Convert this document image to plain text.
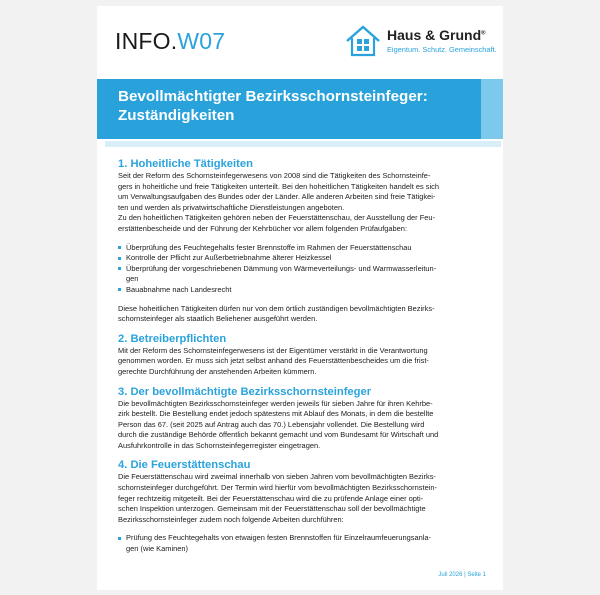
INFO.W07	Haus & Grund®
Eigentum. Schutz. Gemeinschaft.
Bevollmächtigter Bezirksschornsteinfeger:
Zuständigkeiten
1. Hoheitliche Tätigkeiten
Seit der Reform des Schornsteinfegerwesens von 2008 sind die Tätigkeiten des Schornsteinfe-
gers in hoheitliche und freie Tätigkeiten unterteilt. Bei den hoheitlichen Tätigkeiten handelt es sich
um Verwaltungsaufgaben des Bundes oder der Länder. Alle anderen Arbeiten sind freie Tätigkei-
ten und werden als privatwirtschaftliche Dienstleistungen angeboten.
Zu den hoheitlichen Tätigkeiten gehören neben der Feuerstättenschau, der Ausstellung der Feu-
erstättenbescheide und der Führung der Kehrbücher vor allem folgenden Prüfaufgaben:
Überprüfung des Feuchtegehalts fester Brennstoffe im Rahmen der Feuerstättenschau
Kontrolle der Pflicht zur Außerbetriebnahme älterer Heizkessel
Überprüfung der vorgeschriebenen Dämmung von Wärmeverteilungs- und Warmwasserleitun-
gen
Bauabnahme nach Landesrecht
Diese hoheitlichen Tätigkeiten dürfen nur von dem örtlich zuständigen bevollmächtigten Bezirks-
schornsteinfeger als staatlich Beliehener ausgeführt werden.
2. Betreiberpflichten
Mit der Reform des Schornsteinfegerwesens ist der Eigentümer verstärkt in die Verantwortung
genommen worden. Er muss sich jetzt selbst anhand des Feuerstättenbescheides um die frist-
gerechte Durchführung der anstehenden Arbeiten kümmern.
3. Der bevollmächtigte Bezirksschornsteinfeger
Die bevollmächtigten Bezirksschornsteinfeger werden jeweils für sieben Jahre für ihren Kehrbe-
zirk bestellt. Die Bestellung endet jedoch spätestens mit Ablauf des Monats, in dem die bestellte
Person das 67. (seit 2025 auf Antrag auch das 70.) Lebensjahr vollendet. Die Bestellung wird
durch die zuständige Behörde öffentlich bekannt gemacht und vom Bundesamt für Wirtschaft und
Ausfuhrkontrolle in das Schornsteinfegerregister eingetragen.
4. Die Feuerstättenschau
Die Feuerstättenschau wird zweimal innerhalb von sieben Jahren vom bevollmächtigten Bezirks-
schornsteinfeger durchgeführt. Der Termin wird hierfür vom bevollmächtigten Bezirksschornstein-
feger rechtzeitig mitgeteilt. Bei der Feuerstättenschau wird die zu prüfende Anlage einer opti-
schen Inspektion unterzogen. Gemeinsam mit der Feuerstättenschau soll der bevollmächtigte
Bezirksschornsteinfeger zudem noch folgende Arbeiten durchführen:
Prüfung des Feuchtegehalts von etwaigen festen Brennstoffen für Einzelraumfeuerungsanla-
gen (wie Kaminen)
Juli 2026 | Seite 1
